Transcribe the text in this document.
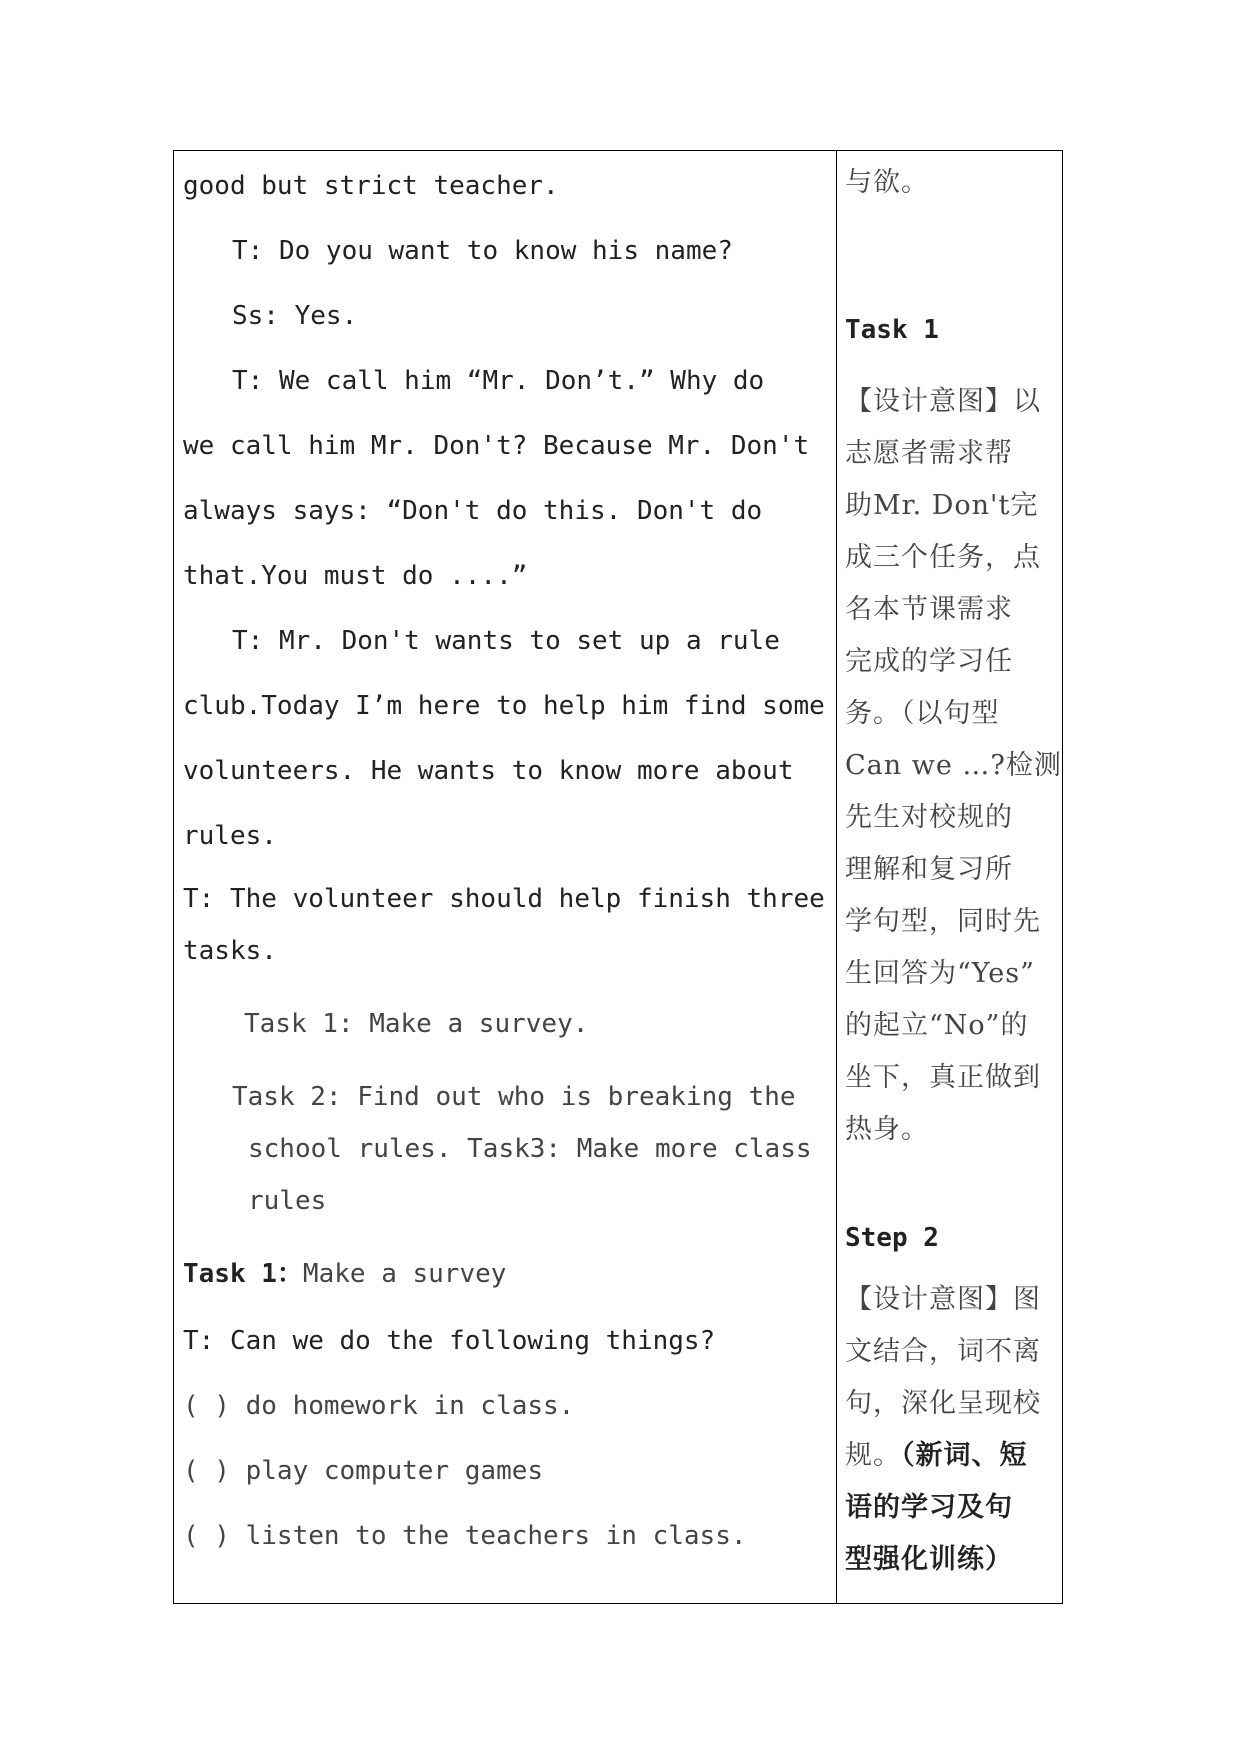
good but strict teacher.
T: Do you want to know his name?
Ss: Yes.
T: We call him “Mr. Don’t.” Why do
we call him Mr. Don't? Because Mr. Don't
always says: “Don't do this. Don't do
that.You must do ....”
T: Mr. Don't wants to set up a rule
club.Today I’m here to help him find some
volunteers. He wants to know more about
rules.
T: The volunteer should help finish three
tasks.
Task 1: Make a survey.
Task 2: Find out who is breaking the
school rules. Task3: Make more class
rules
Task 1：Make a survey
T: Can we do the following things?
( ) do homework in class.
( ) play computer games
( ) listen to the teachers in class.
与欲。
Task 1
【设计意图】以
志愿者需求帮
助Mr. Don't完
成三个任务，点
名本节课需求
完成的学习任
务。（以句型
Can we …?检测
先生对校规的
理解和复习所
学句型，同时先
生回答为“Yes”
的起立“No”的
坐下，真正做到
热身。
Step 2
【设计意图】图
文结合，词不离
句，深化呈现校
规。（新词、短
语的学习及句
型强化训练）
